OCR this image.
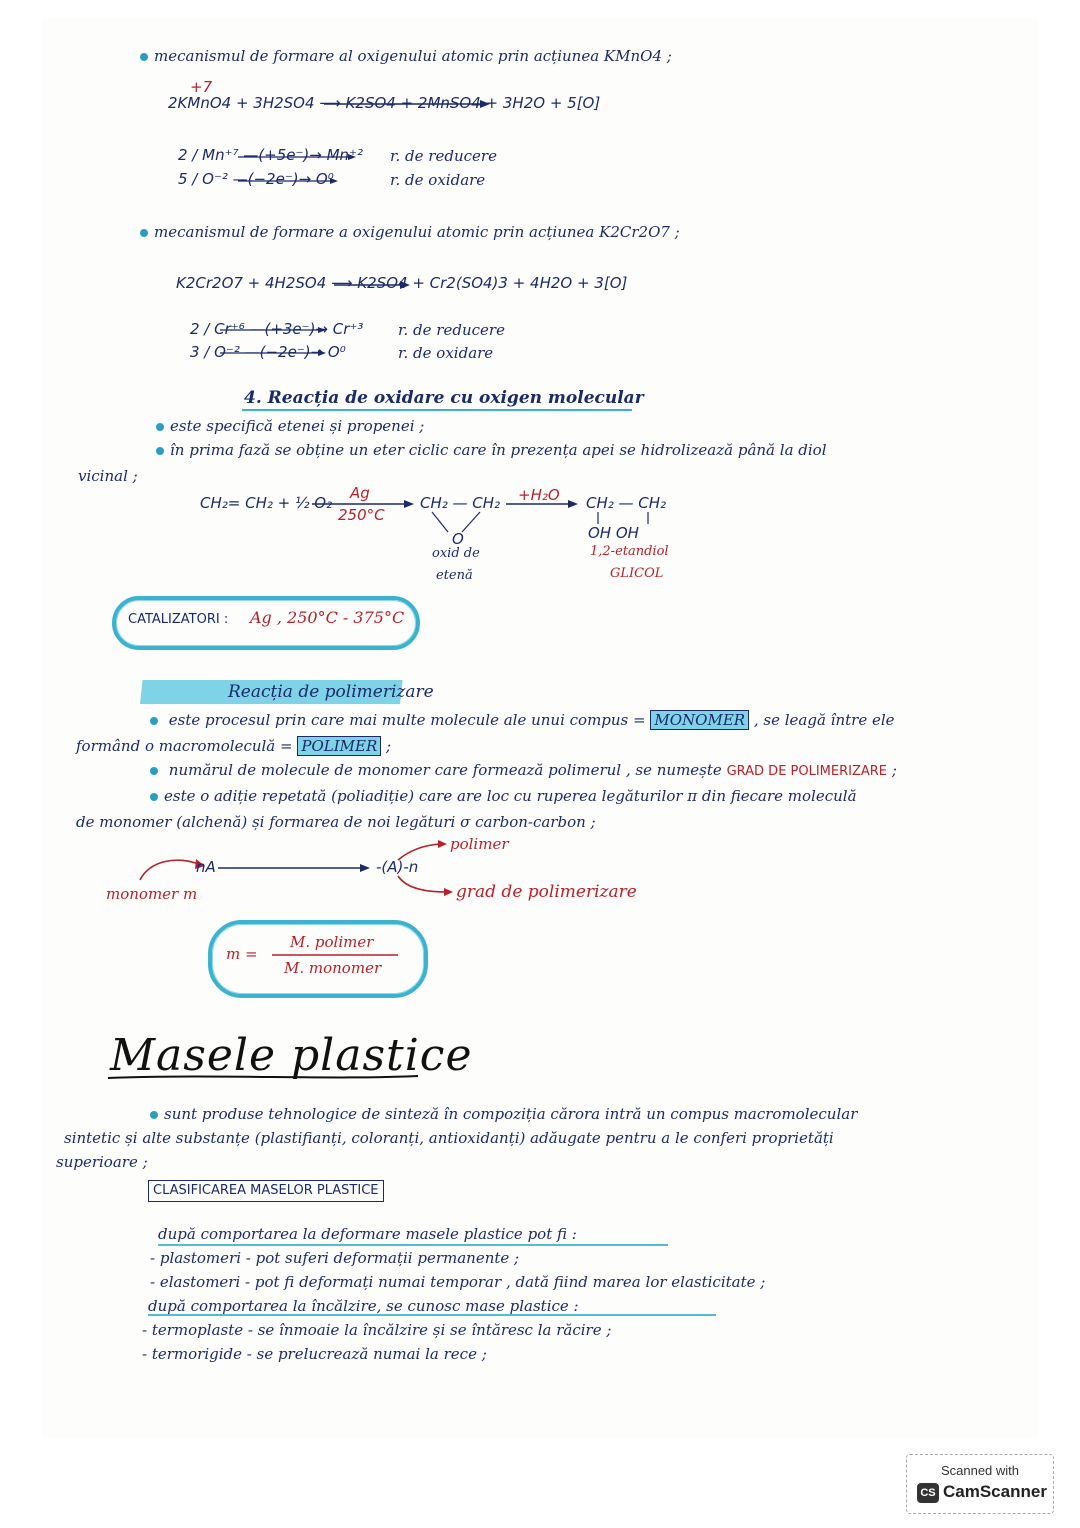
mecanismul de formare al oxigenului atomic prin acțiunea KMnO4 ;
2KMnO4 + 3H2SO4 ⟶ K2SO4 + 2MnSO4 + 3H2O + 5[O]
+7
2 / Mn⁺⁷ —(+5e⁻)→ Mn⁺² r. de reducere
5 / O⁻² —(−2e⁻)→ O⁰	r. de oxidare
mecanismul de formare a oxigenului atomic prin acțiunea K2Cr2O7 ;
K2Cr2O7 + 4H2SO4 ⟶ K2SO4 + Cr2(SO4)3 + 4H2O + 3[O]
2 / Cr⁺⁶ —(+3e⁻)→ Cr⁺³ r. de reducere
3 / O⁻² —(−2e⁻)→ O⁰	r. de oxidare
4. Reacția de oxidare cu oxigen molecular
este specifică etenei și propenei ;
în prima fază se obține un eter ciclic care în prezența apei se hidrolizează până la diol
vicinal ;
CH₂= CH₂ + ½ O₂
Ag
250°C
CH₂ — CH₂
O
+H₂O CH₂ — CH₂
OH OH
oxid de
etenă
1,2-etandiol
GLICOL
CATALIZATORI : Ag , 250°C - 375°C
Reacția de polimerizare
este procesul prin care mai multe molecule ale unui compus = MONOMER , se leagă între ele
formând o macromoleculă = POLIMER ;
numărul de molecule de monomer care formează polimerul , se numește GRAD DE POLIMERIZARE ;
este o adiție repetată (poliadiție) care are loc cu ruperea legăturilor π din fiecare moleculă
de monomer (alchenă) și formarea de noi legături σ carbon-carbon ;
nA	-(A)-n
polimer
grad de polimerizare
monomer m
m =
M. polimer
M. monomer
Masele plastice
sunt produse tehnologice de sinteză în compoziția cărora intră un compus macromolecular
sintetic și alte substanțe (plastifianți, coloranți, antioxidanți) adăugate pentru a le conferi proprietăți
superioare ;
CLASIFICAREA MASELOR PLASTICE
după comportarea la deformare masele plastice pot fi :
- plastomeri - pot suferi deformații permanente ;
- elastomeri - pot fi deformați numai temporar , dată fiind marea lor elasticitate ;
după comportarea la încălzire, se cunosc mase plastice :
- termoplaste - se înmoaie la încălzire și se întăresc la răcire ;
- termorigide - se prelucrează numai la rece ;
Scanned with
CS CamScanner
